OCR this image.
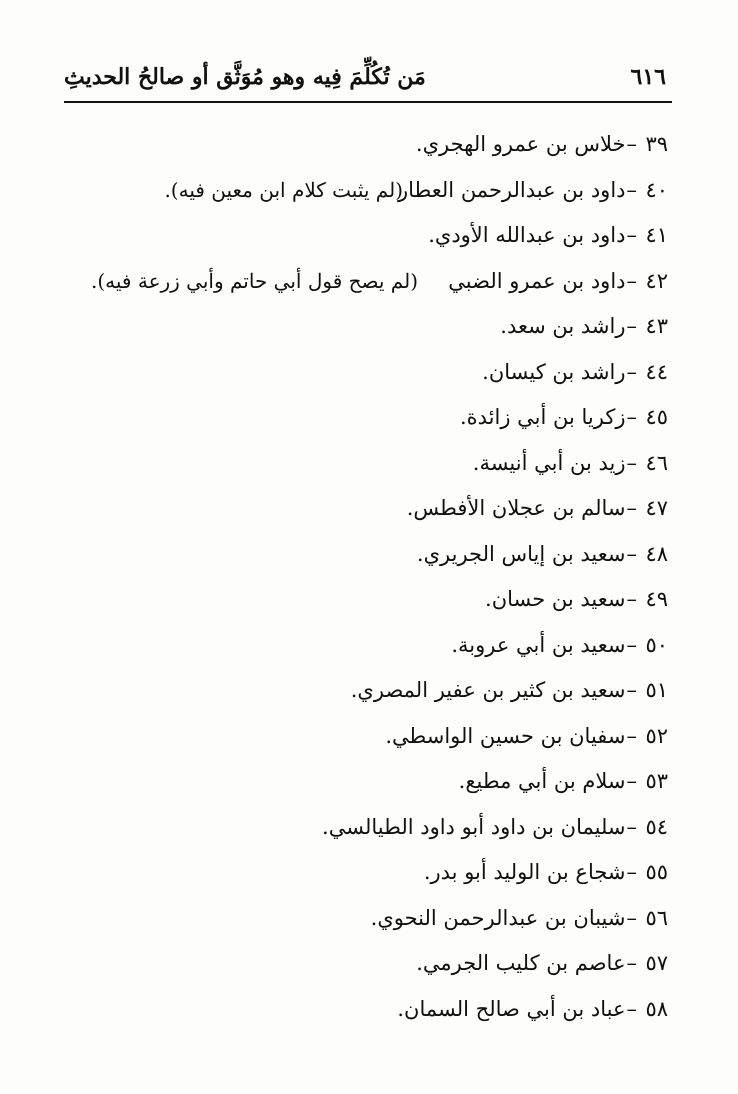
٦١٦
مَن تُكُلِّمَ فِيه وهو مُوَثَّق أو صالحُ الحديثِ
٣٩–خلاس بن عمرو الهجري.
٤٠–داود بن عبدالرحمن العطار
(لم يثبت كلام ابن معين فيه).
٤١–داود بن عبدالله الأودي.
٤٢–داود بن عمرو الضبي
(لم يصح قول أبي حاتم وأبي زرعة فيه).
٤٣–راشد بن سعد.
٤٤–راشد بن كيسان.
٤٥–زكريا بن أبي زائدة.
٤٦–زيد بن أبي أنيسة.
٤٧–سالم بن عجلان الأفطس.
٤٨–سعيد بن إياس الجريري.
٤٩–سعيد بن حسان.
٥٠–سعيد بن أبي عروبة.
٥١–سعيد بن كثير بن عفير المصري.
٥٢–سفيان بن حسين الواسطي.
٥٣–سلام بن أبي مطيع.
٥٤–سليمان بن داود أبو داود الطيالسي.
٥٥–شجاع بن الوليد أبو بدر.
٥٦–شيبان بن عبدالرحمن النحوي.
٥٧–عاصم بن كليب الجرمي.
٥٨–عباد بن أبي صالح السمان.
